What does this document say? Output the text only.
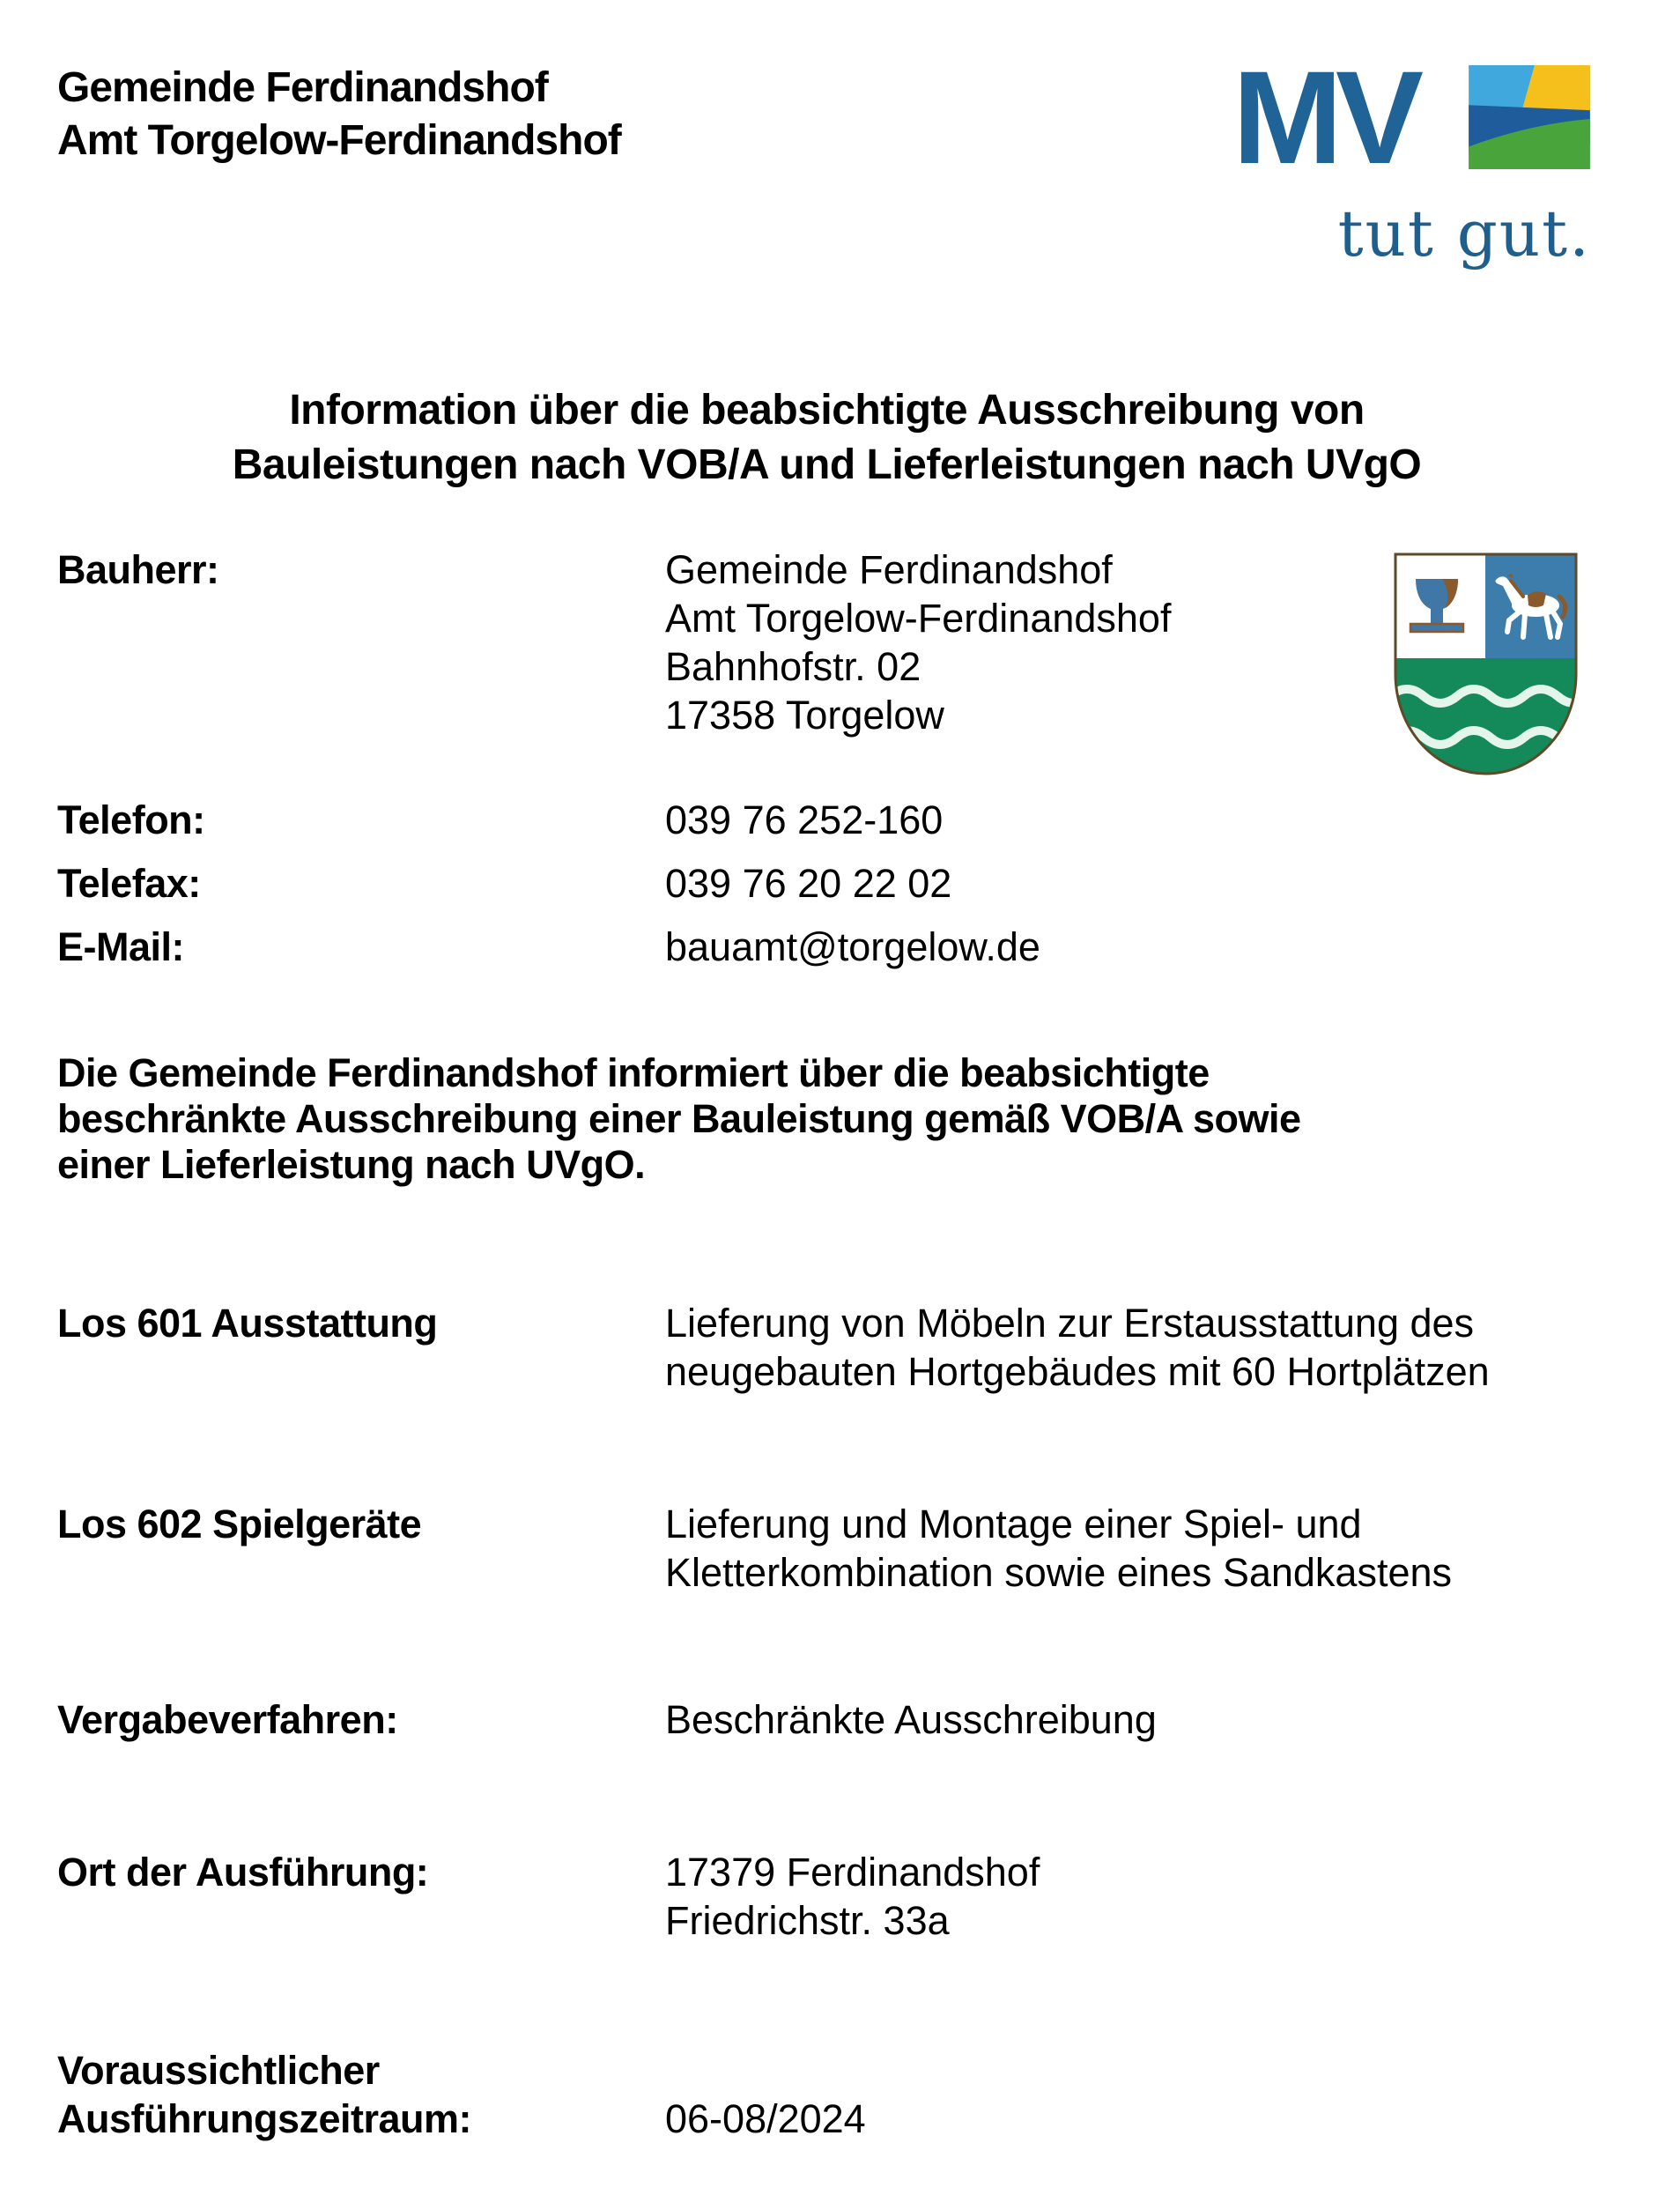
Gemeinde Ferdinandshof
Amt Torgelow-Ferdinandshof	MV
tut gut.
Information über die beabsichtigte Ausschreibung von
Bauleistungen nach VOB/A und Lieferleistungen nach UVgO
Bauherr:	Gemeinde Ferdinandshof
Amt Torgelow-Ferdinandshof
Bahnhofstr. 02
17358 Torgelow
Telefon:	039 76 252-160
Telefax:	039 76 20 22 02
E-Mail:	bauamt@torgelow.de
Die Gemeinde Ferdinandshof informiert über die beabsichtigte
beschränkte Ausschreibung einer Bauleistung gemäß VOB/A sowie
einer Lieferleistung nach UVgO.
Los 601 Ausstattung	Lieferung von Möbeln zur Erstausstattung des
neugebauten Hortgebäudes mit 60 Hortplätzen
Los 602 Spielgeräte	Lieferung und Montage einer Spiel- und
Kletterkombination sowie eines Sandkastens
Vergabeverfahren:	Beschränkte Ausschreibung
Ort der Ausführung:	17379 Ferdinandshof
Friedrichstr. 33a
Voraussichtlicher
Ausführungszeitraum:	06-08/2024
